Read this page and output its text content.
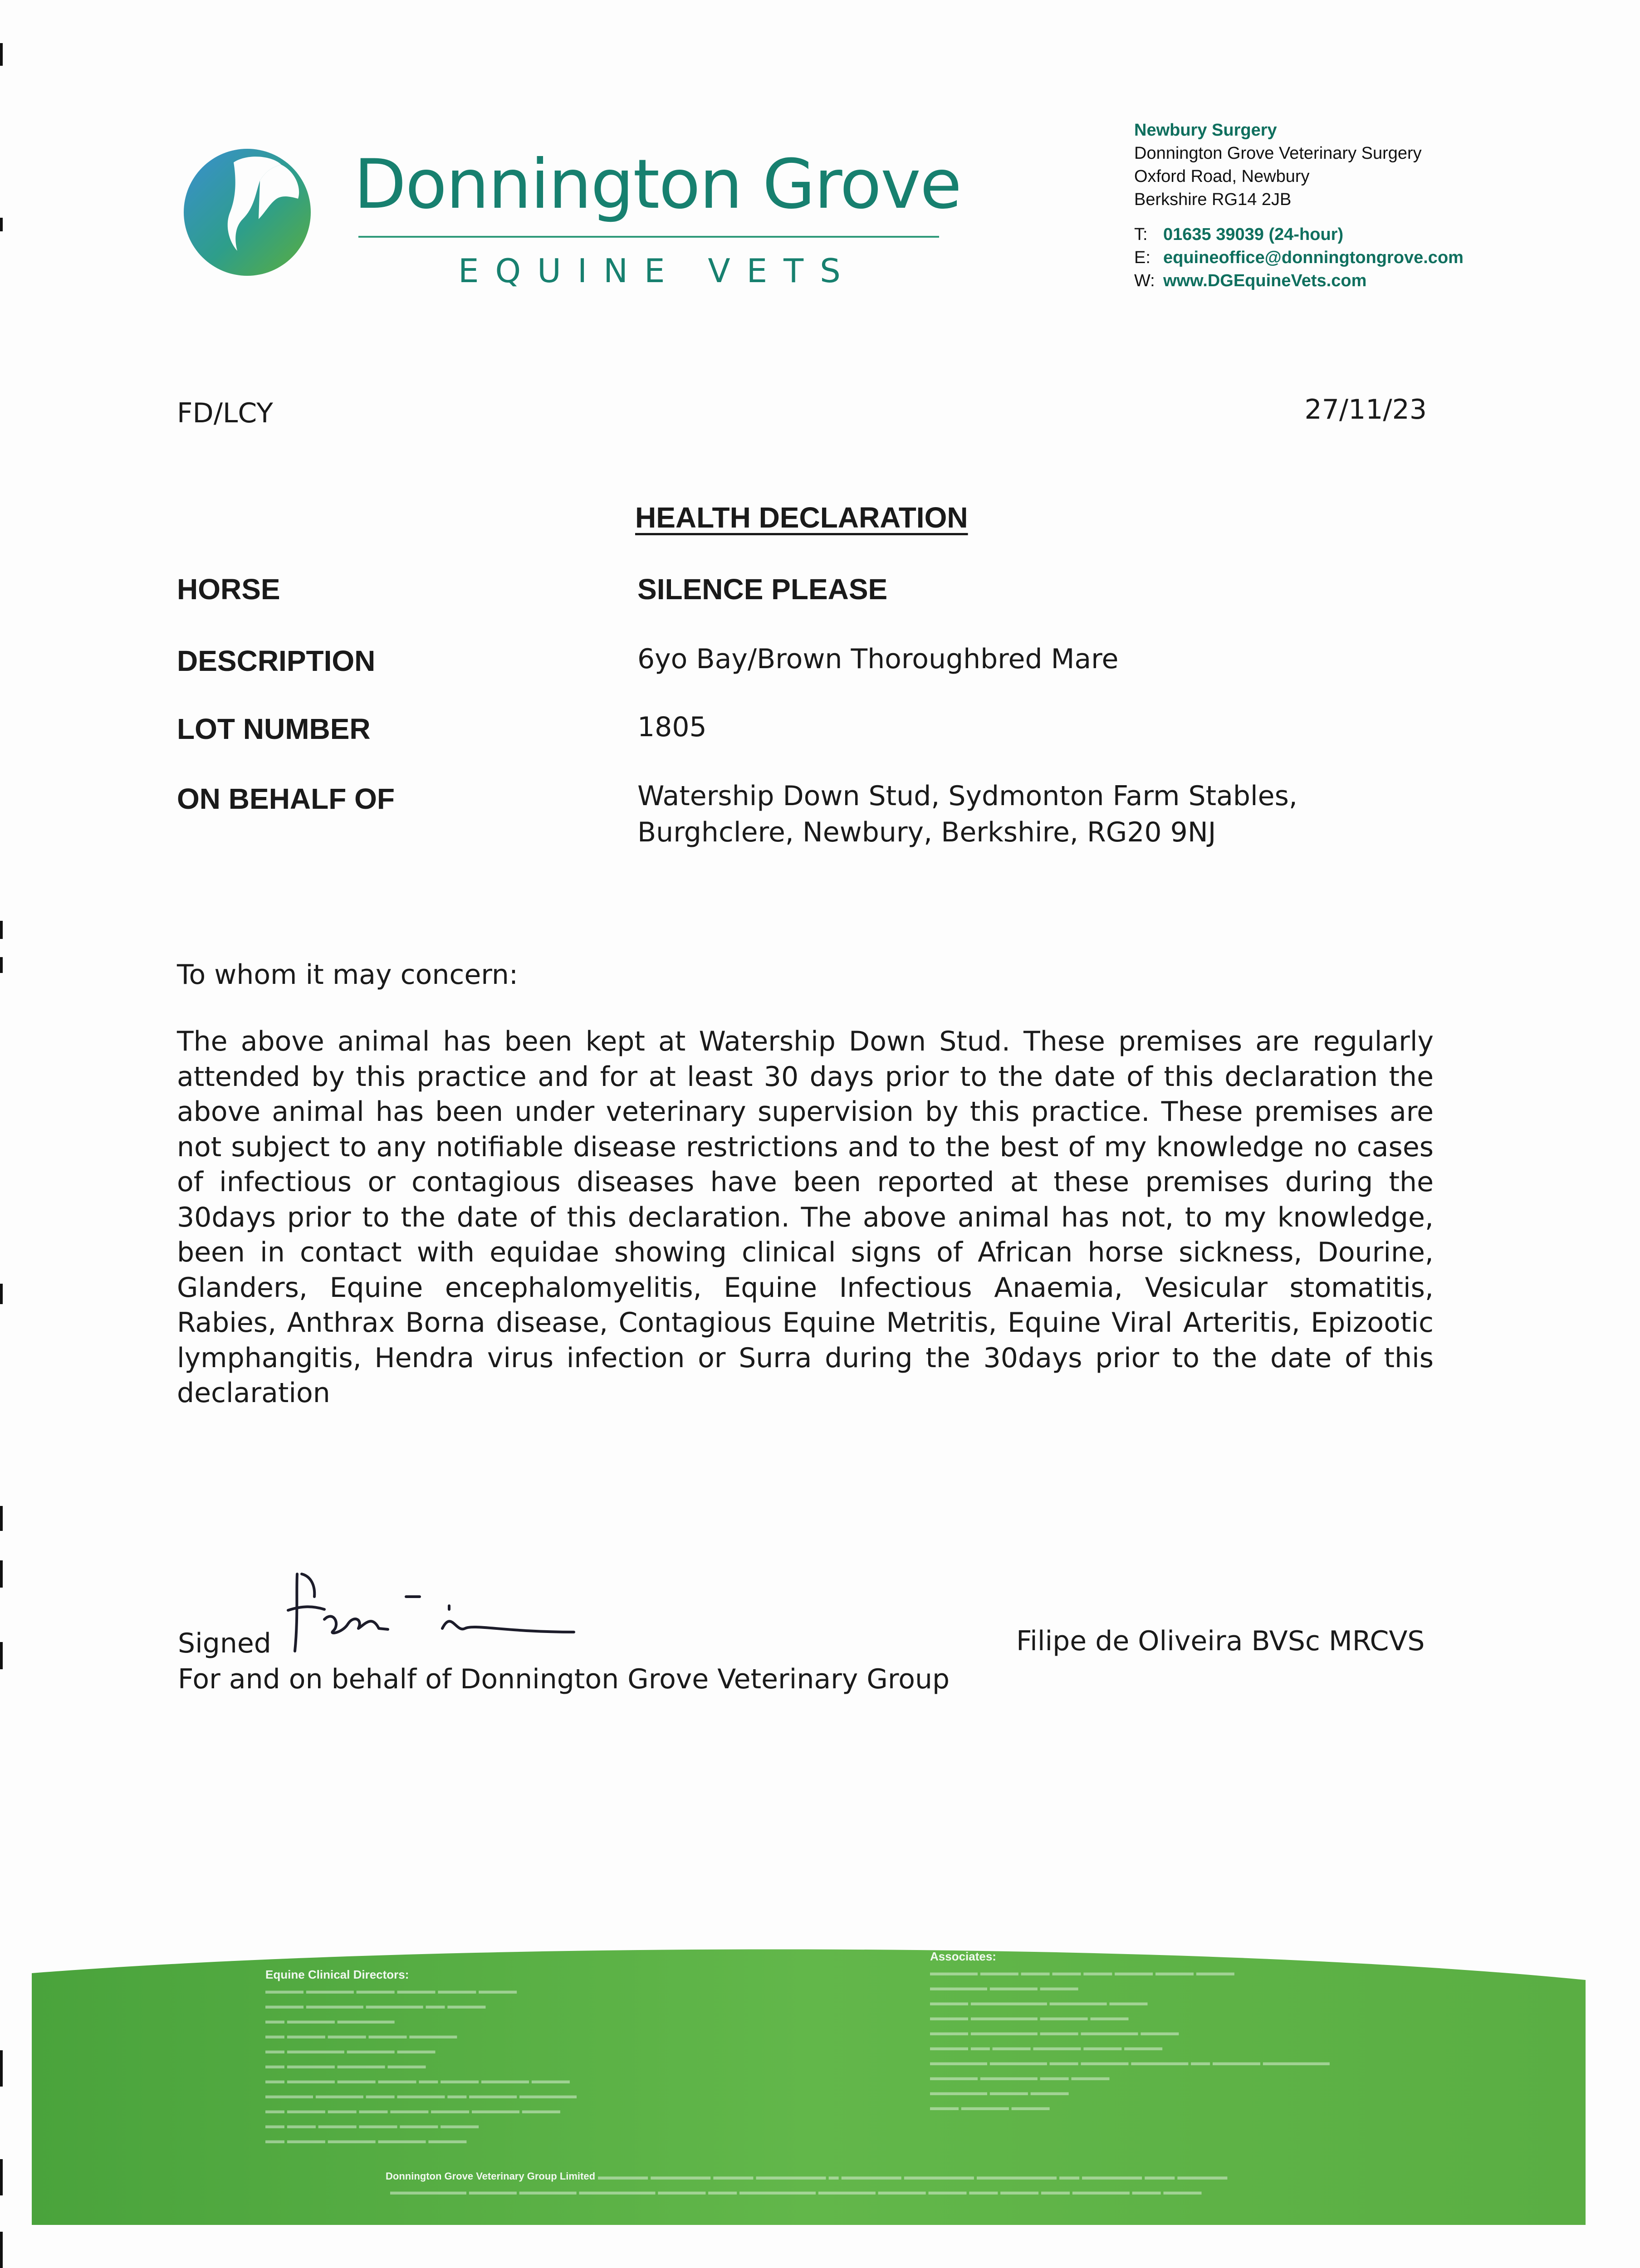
Donnington Grove
EQUINE VETS
Newbury Surgery
Donnington Grove Veterinary Surgery
Oxford Road, Newbury
Berkshire RG14 2JB
T: 01635 39039 (24-hour)
E: equineoffice@donningtongrove.com
W: www.DGEquineVets.com
FD/LCY	27/11/23
HEALTH DECLARATION
HORSE	SILENCE PLEASE
DESCRIPTION	6yo Bay/Brown Thoroughbred Mare
LOT NUMBER	1805
ON BEHALF OF	Watership Down Stud, Sydmonton Farm Stables,
Burghclere, Newbury, Berkshire, RG20 9NJ
To whom it may concern:
The above animal has been kept at Watership Down Stud. These premises are regularly attended by this practice and for at least 30 days prior to the date of this declaration the above animal has been under veterinary supervision by this practice. These premises are not subject to any notifiable disease restrictions and to the best of my knowledge no cases of infectious or contagious diseases have been reported at these premises during the 30days prior to the date of this declaration. The above animal has not, to my knowledge, been in contact with equidae showing clinical signs of African horse sickness, Dourine, Glanders, Equine encephalomyelitis, Equine Infectious Anaemia, Vesicular stomatitis, Rabies, Anthrax Borna disease, Contagious Equine Metritis, Equine Viral Arteritis, Epizootic lymphangitis, Hendra virus infection or Surra during the 30days prior to the date of this declaration
Signed
For and on behalf of Donnington Grove Veterinary Group
Filipe de Oliveira BVSc MRCVS
Equine Clinical Directors:
▬▬▬▬ ▬▬▬▬▬ ▬▬▬▬ ▬▬▬▬ ▬▬▬▬ ▬▬▬▬
▬▬▬▬ ▬▬▬▬▬▬ ▬▬▬▬▬▬ ▬▬ ▬▬▬▬
▬▬ ▬▬▬▬▬ ▬▬▬▬▬▬
▬▬ ▬▬▬▬ ▬▬▬▬ ▬▬▬▬ ▬▬▬▬▬
▬▬ ▬▬▬▬▬▬ ▬▬▬▬▬ ▬▬▬▬
▬▬ ▬▬▬▬▬ ▬▬▬▬▬ ▬▬▬▬
▬▬ ▬▬▬▬▬ ▬▬▬▬ ▬▬▬▬ ▬▬ ▬▬▬▬ ▬▬▬▬▬ ▬▬▬▬
▬▬▬▬▬ ▬▬▬▬▬ ▬▬▬ ▬▬▬▬▬ ▬▬ ▬▬▬▬▬ ▬▬▬▬▬▬
▬▬ ▬▬▬▬ ▬▬▬ ▬▬▬ ▬▬▬▬ ▬▬▬▬ ▬▬▬▬▬ ▬▬▬▬
▬▬ ▬▬▬ ▬▬▬▬ ▬▬▬▬ ▬▬▬▬ ▬▬▬▬
▬▬ ▬▬▬▬ ▬▬▬▬▬ ▬▬▬▬▬ ▬▬▬▬
Associates:
▬▬▬▬▬ ▬▬▬▬ ▬▬▬ ▬▬▬ ▬▬▬ ▬▬▬▬ ▬▬▬▬ ▬▬▬▬
▬▬▬▬▬▬ ▬▬▬▬▬ ▬▬▬▬
▬▬▬▬ ▬▬▬▬▬▬▬▬ ▬▬▬▬▬▬ ▬▬▬▬
▬▬▬▬ ▬▬▬▬▬▬▬ ▬▬▬▬▬ ▬▬▬▬
▬▬▬▬ ▬▬▬▬▬▬▬ ▬▬▬▬ ▬▬▬▬▬▬ ▬▬▬▬
▬▬▬▬ ▬▬ ▬▬▬▬ ▬▬▬▬▬ ▬▬▬▬ ▬▬▬▬
▬▬▬▬▬▬ ▬▬▬▬▬▬ ▬▬▬ ▬▬▬▬▬ ▬▬▬▬▬▬ ▬▬ ▬▬▬▬▬ ▬▬▬▬▬▬▬
▬▬▬▬▬ ▬▬▬▬▬▬ ▬▬▬ ▬▬▬▬
▬▬▬▬▬▬ ▬▬▬▬ ▬▬▬▬
▬▬▬ ▬▬▬▬▬ ▬▬▬▬
Donnington Grove Veterinary Group Limited ▬▬▬▬▬ ▬▬▬▬▬▬ ▬▬▬▬ ▬▬▬▬▬▬▬ ▬ ▬▬▬▬▬▬ ▬▬▬▬▬▬▬ ▬▬▬▬▬▬▬▬ ▬▬ ▬▬▬▬▬▬ ▬▬▬ ▬▬▬▬▬
▬▬▬▬▬▬▬▬ ▬▬▬▬▬ ▬▬▬▬▬▬ ▬▬▬▬▬▬▬▬ ▬▬▬▬▬ ▬▬▬ ▬▬▬▬▬▬▬▬ ▬▬▬▬▬▬ ▬▬▬▬▬ ▬▬▬▬ ▬▬▬ ▬▬▬▬ ▬▬▬ ▬▬▬▬▬▬ ▬▬▬ ▬▬▬▬
